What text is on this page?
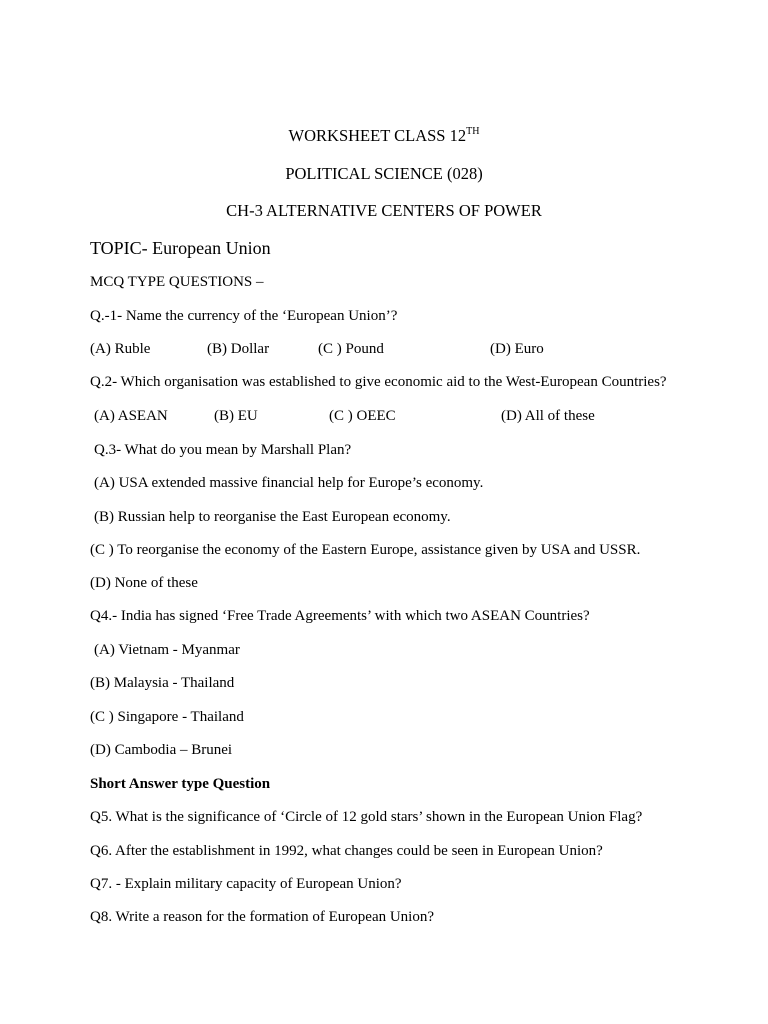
WORKSHEET CLASS 12TH
POLITICAL SCIENCE (028)
CH-3 ALTERNATIVE CENTERS OF POWER
TOPIC- European Union
MCQ TYPE QUESTIONS –
Q.-1- Name the currency of the ‘European Union’?
(A) Ruble	(B) Dollar	(C ) Pound	(D) Euro
Q.2- Which organisation was established to give economic aid to the West-European Countries?
(A) ASEAN	(B) EU	(C ) OEEC	(D) All of these
Q.3- What do you mean by Marshall Plan?
(A) USA extended massive financial help for Europe’s economy.
(B) Russian help to reorganise the East European economy.
(C ) To reorganise the economy of the Eastern Europe, assistance given by USA and USSR.
(D) None of these
Q4.- India has signed ‘Free Trade Agreements’ with which two ASEAN Countries?
(A) Vietnam - Myanmar
(B) Malaysia - Thailand
(C ) Singapore - Thailand
(D) Cambodia – Brunei
Short Answer type Question
Q5. What is the significance of ‘Circle of 12 gold stars’ shown in the European Union Flag?
Q6. After the establishment in 1992, what changes could be seen in European Union?
Q7. - Explain military capacity of European Union?
Q8. Write a reason for the formation of European Union?
